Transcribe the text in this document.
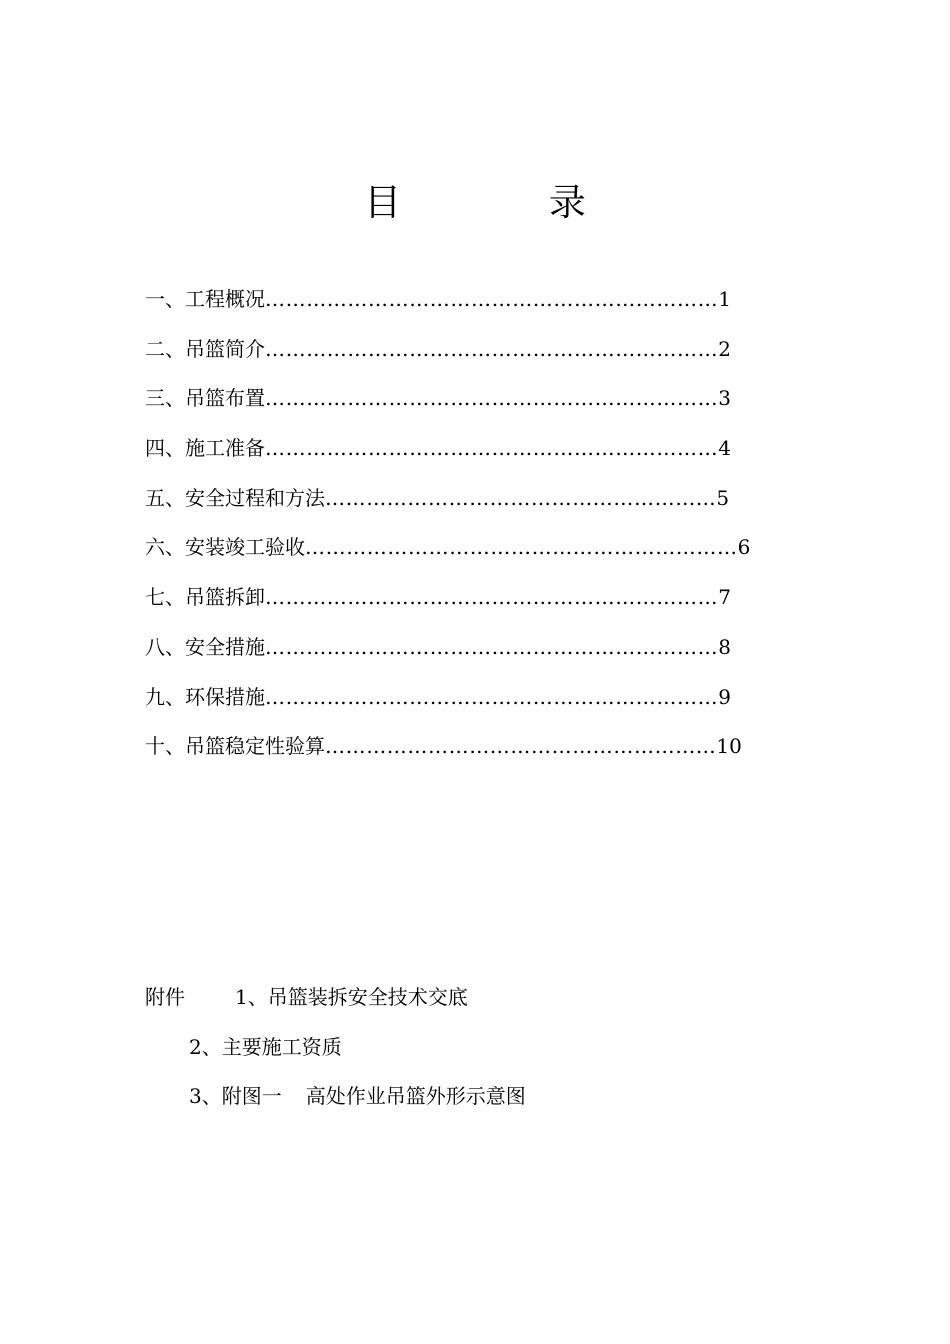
目 录
一、工程概况…………………………………………………………1
二、吊篮简介…………………………………………………………2
三、吊篮布置…………………………………………………………3
四、施工准备…………………………………………………………4
五、安全过程和方法…………………………………………………5
六、安装竣工验收………………………………………………………6
七、吊篮拆卸…………………………………………………………7
八、安全措施…………………………………………………………8
九、环保措施…………………………………………………………9
十、吊篮稳定性验算…………………………………………………10
附件	1、吊篮装拆安全技术交底
2、主要施工资质
3、附图一 高处作业吊篮外形示意图
